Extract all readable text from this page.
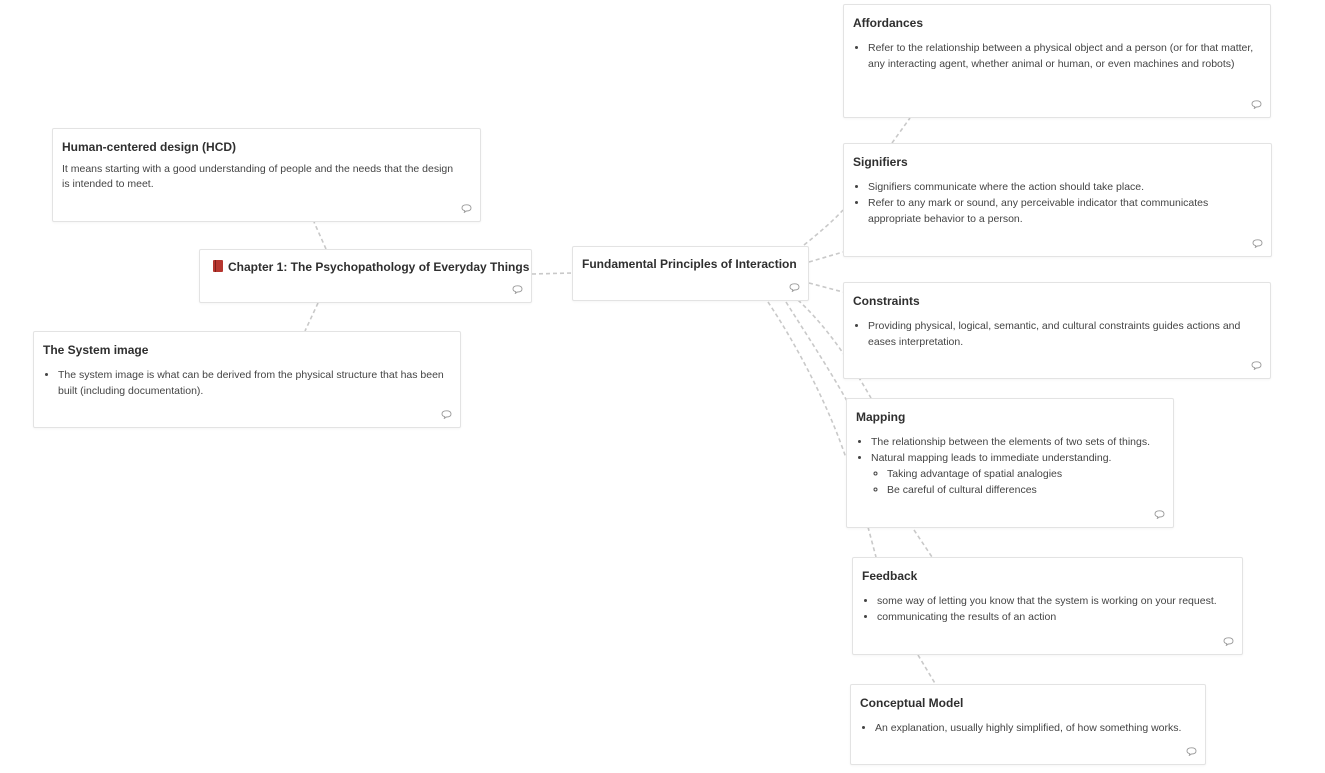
Human-centered design (HCD)

It means starting with a good understanding of people and the needs that the design is intended to meet.

Chapter 1: The Psychopathology of Everyday Things
The System image
• The system image is what can be derived from the physical structure that has been built (including documentation).
Fundamental Principles of Interaction
Affordances
• Refer to the relationship between a physical object and a person (or for that matter, any interacting agent, whether animal or human, or even machines and robots)
Signifiers
• Signifiers communicate where the action should take place.
• Refer to any mark or sound, any perceivable indicator that communicates appropriate behavior to a person.
Constraints
• Providing physical, logical, semantic, and cultural constraints guides actions and eases interpretation.
Mapping
• The relationship between the elements of two sets of things.
• Natural mapping leads to immediate understanding.
◦ Taking advantage of spatial analogies
◦ Be careful of cultural differences
Feedback
• some way of letting you know that the system is working on your request.
• communicating the results of an action
Conceptual Model
• An explanation, usually highly simplified, of how something works.
